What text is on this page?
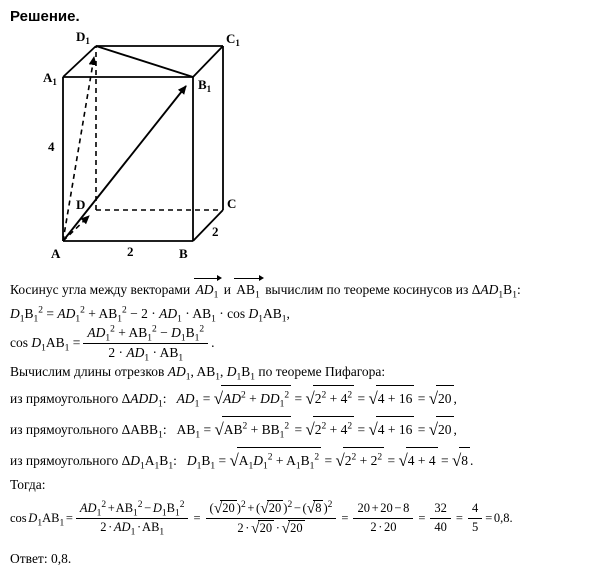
Решение.
A	B
C
D
$A_1$	$B_1$
$C_1$
$D_1$
4
2
2

Косинус угла между векторами $AD_1$ и $AB_1$ вычислим по теореме косинусов из $\Delta AD_1B_1$:

$D_1B_1^2 = AD_1^2 + AB_1^2 - 2 \cdot AD_1 \cdot AB_1 \cdot \cos D_1AB_1$,

$\cos D_1AB_1 = \frac{AD_1^2 + AB_1^2 - D_1B_1^2}{2 \cdot AD_1 \cdot AB_1}$ .

Вычислим длины отрезков $AD_1$, $AB_1$, $D_1B_1$ по теореме Пифагора:

из прямоугольного $\Delta ADD_1$: $AD_1 = √AD^2 + DD_1^2 = √2^2 + 4^2 = √4 + 16 = √20$ ,

из прямоугольного $\Delta ABB_1$: $AB_1 = √AB^2 + BB_1^2 = √2^2 + 4^2 = √4 + 16 = √20$ ,

из прямоугольного $\Delta D_1A_1B_1$: $D_1B_1 = √A_1D_1^2 + A_1B_1^2 = √2^2 + 2^2 = √4 + 4 = √8$ .

Тогда:

$\cos D_1AB_1 = \frac{AD_1^2 + AB_1^2 - D_1B_1^2}{2 \cdot AD_1 \cdot AB_1} = \frac{(√20 )^2 + (√20 )^2 - (√8 )^2}{2 \cdot √20 \cdot √20} = \frac{20 + 20 - 8}{2 \cdot 20} = \frac{32}{40} = \frac{4}{5} = 0,8$.

Ответ: 0,8.
